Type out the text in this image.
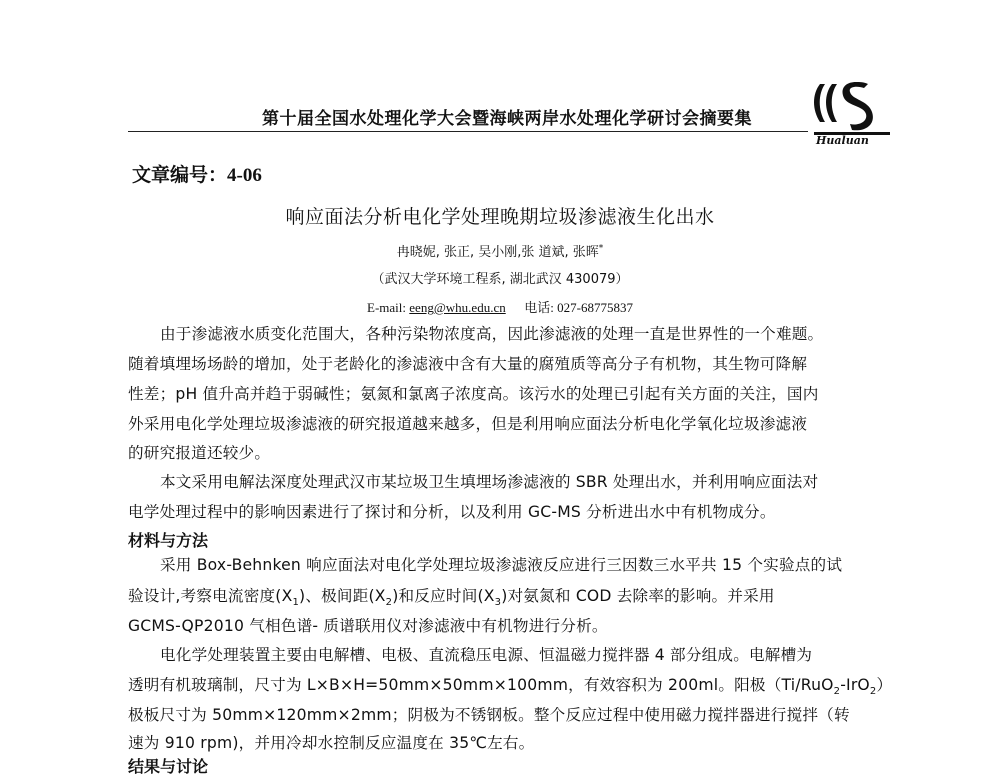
第十届全国水处理化学大会暨海峡两岸水处理化学研讨会摘要集
Hualuan
文章编号：4-06
响应面法分析电化学处理晚期垃圾渗滤液生化出水
冉晓妮, 张正, 吴小刚,张 道斌, 张晖*
（武汉大学环境工程系, 湖北武汉 430079）
E-mail: eeng@whu.edu.cn 电话: 027-68775837
由于渗滤液水质变化范围大，各种污染物浓度高，因此渗滤液的处理一直是世界性的一个难题。
随着填埋场场龄的增加，处于老龄化的渗滤液中含有大量的腐殖质等高分子有机物，其生物可降解
性差；pH 值升高并趋于弱碱性；氨氮和氯离子浓度高。该污水的处理已引起有关方面的关注，国内
外采用电化学处理垃圾渗滤液的研究报道越来越多，但是利用响应面法分析电化学氧化垃圾渗滤液
的研究报道还较少。
本文采用电解法深度处理武汉市某垃圾卫生填埋场渗滤液的 SBR 处理出水，并利用响应面法对
电学处理过程中的影响因素进行了探讨和分析，以及利用 GC-MS 分析进出水中有机物成分。
材料与方法
采用 Box-Behnken 响应面法对电化学处理垃圾渗滤液反应进行三因数三水平共 15 个实验点的试
验设计,考察电流密度$(X_1)$、极间距$(X_2)$和反应时间$(X_3)$对氨氮和 COD 去除率的影响。并采用
GCMS-QP2010 气相色谱- 质谱联用仪对渗滤液中有机物进行分析。
电化学处理装置主要由电解槽、电极、直流稳压电源、恒温磁力搅拌器 4 部分组成。电解槽为
透明有机玻璃制，尺寸为 L×B×H=50mm×50mm×100mm，有效容积为 200ml。阳极（Ti/RuO$_2$-IrO$_2$）
极板尺寸为 50mm×120mm×2mm；阴极为不锈钢板。整个反应过程中使用磁力搅拌器进行搅拌（转
速为 910 rpm)，并用冷却水控制反应温度在 35℃左右。
结果与讨论
